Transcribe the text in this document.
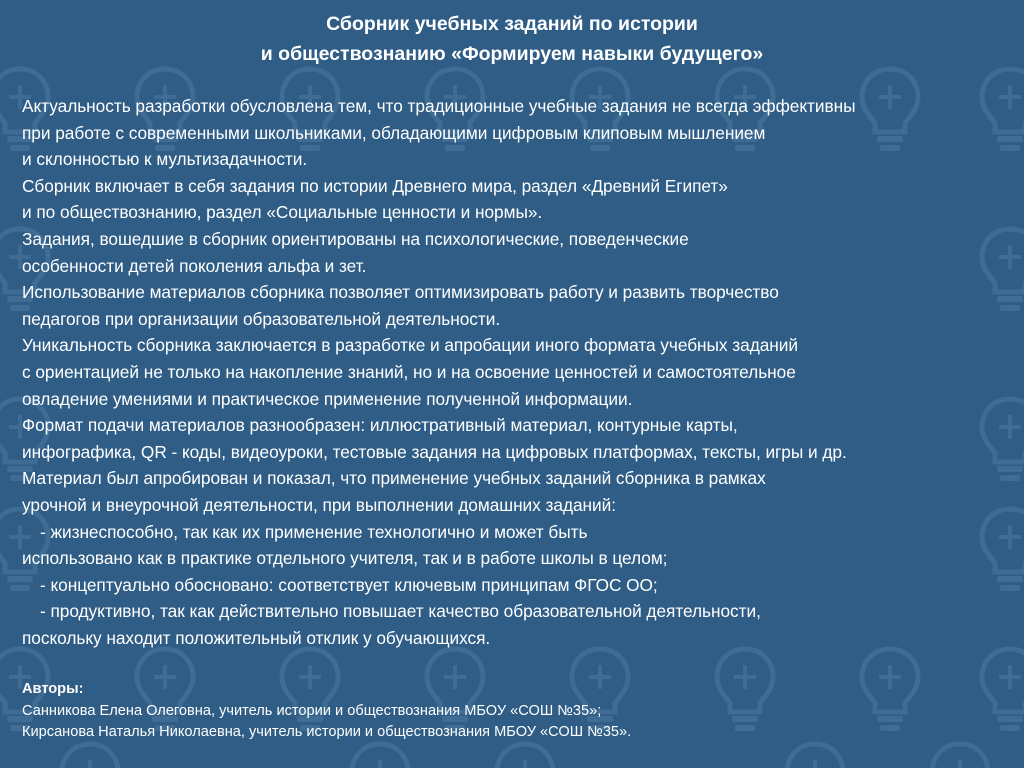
Сборник учебных заданий по истории
и обществознанию «Формируем навыки будущего»
Актуальность разработки обусловлена тем, что традиционные учебные задания не всегда эффективны
при работе с современными школьниками, обладающими цифровым клиповым мышлением
и склонностью к мультизадачности.
Сборник включает в себя задания по истории Древнего мира, раздел «Древний Египет»
и по обществознанию, раздел «Социальные ценности и нормы».
Задания, вошедшие в сборник ориентированы на психологические, поведенческие
особенности детей поколения альфа и зет.
Использование материалов сборника позволяет оптимизировать работу и развить творчество
педагогов при организации образовательной деятельности.
Уникальность сборника заключается в разработке и апробации иного формата учебных заданий
с ориентацией не только на накопление знаний, но и на освоение ценностей и самостоятельное
овладение умениями и практическое применение полученной информации.
Формат подачи материалов разнообразен: иллюстративный материал, контурные карты,
инфографика, QR - коды, видеоуроки, тестовые задания на цифровых платформах, тексты, игры и др.
Материал был апробирован и показал, что применение учебных заданий сборника в рамках
урочной и внеурочной деятельности, при выполнении домашних заданий:
- жизнеспособно, так как их применение технологично и может быть
использовано как в практике отдельного учителя, так и в работе школы в целом;
- концептуально обосновано: соответствует ключевым принципам ФГОС ОО;
- продуктивно, так как действительно повышает качество образовательной деятельности,
поскольку находит положительный отклик у обучающихся.
Авторы:
Санникова Елена Олеговна, учитель истории и обществознания МБОУ «СОШ №35»;
Кирсанова Наталья Николаевна, учитель истории и обществознания МБОУ «СОШ №35».
